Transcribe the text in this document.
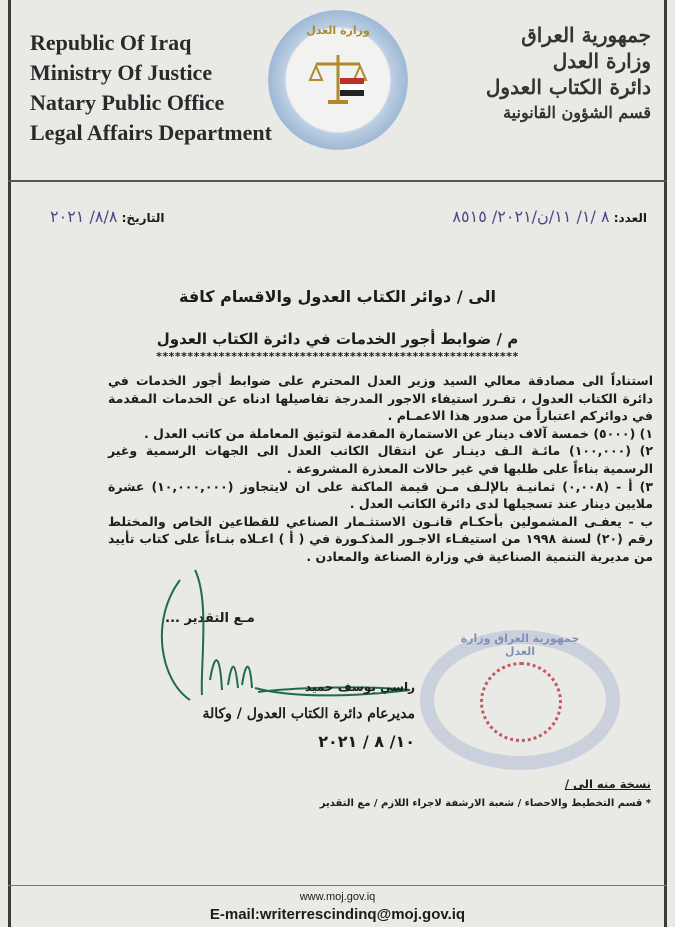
Republic Of Iraq
Ministry Of Justice
Natary Public Office
Legal Affairs Department
وزارة العدل	جمهورية العراق
وزارة العدل
دائرة الكتاب العدول
قسم الشؤون القانونية
العدد: ٨ /١/ ١١/ن/٢٠٢١/ ٨٥١٥
التاريخ: ٨/٨/ ٢٠٢١
الى / دوائر الكتاب العدول والاقسام كافة
م / ضوابط أجور الخدمات في دائرة الكتاب العدول
**********************************************************

استناداً الى مصادقة معالي السيد وزير العدل المحترم على ضوابط أجور الخدمات في دائرة الكتاب العدول ، تقـرر استيفاء الاجور المدرجة تفاصيلها ادناه عن الخدمات المقدمة في دوائركم اعتباراً من صدور هذا الاعمـام .

١) (٥٠٠٠) خمسة آلاف دينار عن الاستمارة المقدمة لتوثيق المعاملة من كاتب العدل .

٢) (١٠٠,٠٠٠) مائـة الـف دينـار عن انتقال الكاتب العدل الى الجهات الرسمية وغير الرسمية بناءاً على طلبها في غير حالات المعذرة المشروعة .

٣) أ - (٠,٠٠٨) ثمانيـة بالإلـف مـن قيمة الماكنة على ان لايتجاوز (١٠,٠٠٠,٠٠٠) عشرة ملايين دينار عند تسجيلها لدى دائرة الكاتب العدل .

ب - يعفـى المشمولين بأحكـام قانـون الاستثـمار الصناعي للقطاعين الخاص والمختلط رقم (٢٠) لسنة ١٩٩٨ من استيفـاء الاجـور المذكـورة في ( أ ) اعـلاه بنـاءاً على كتاب تأييد من مديرية التنمية الصناعية في وزارة الصناعة والمعادن .

مـع التقدير ...
راسي يوسف حميد
مديرعام دائرة الكتاب العدول / وكالة
١٠/ ٨ / ٢٠٢١
جمهورية العراق وزارة العدل
نسخة منه الى /
* قسم التخطيط والاحصاء / شعبة الارشفة لاجراء اللازم / مع التقدير
www.moj.gov.iq
E-mail:writerrescindinq@moj.gov.iq
